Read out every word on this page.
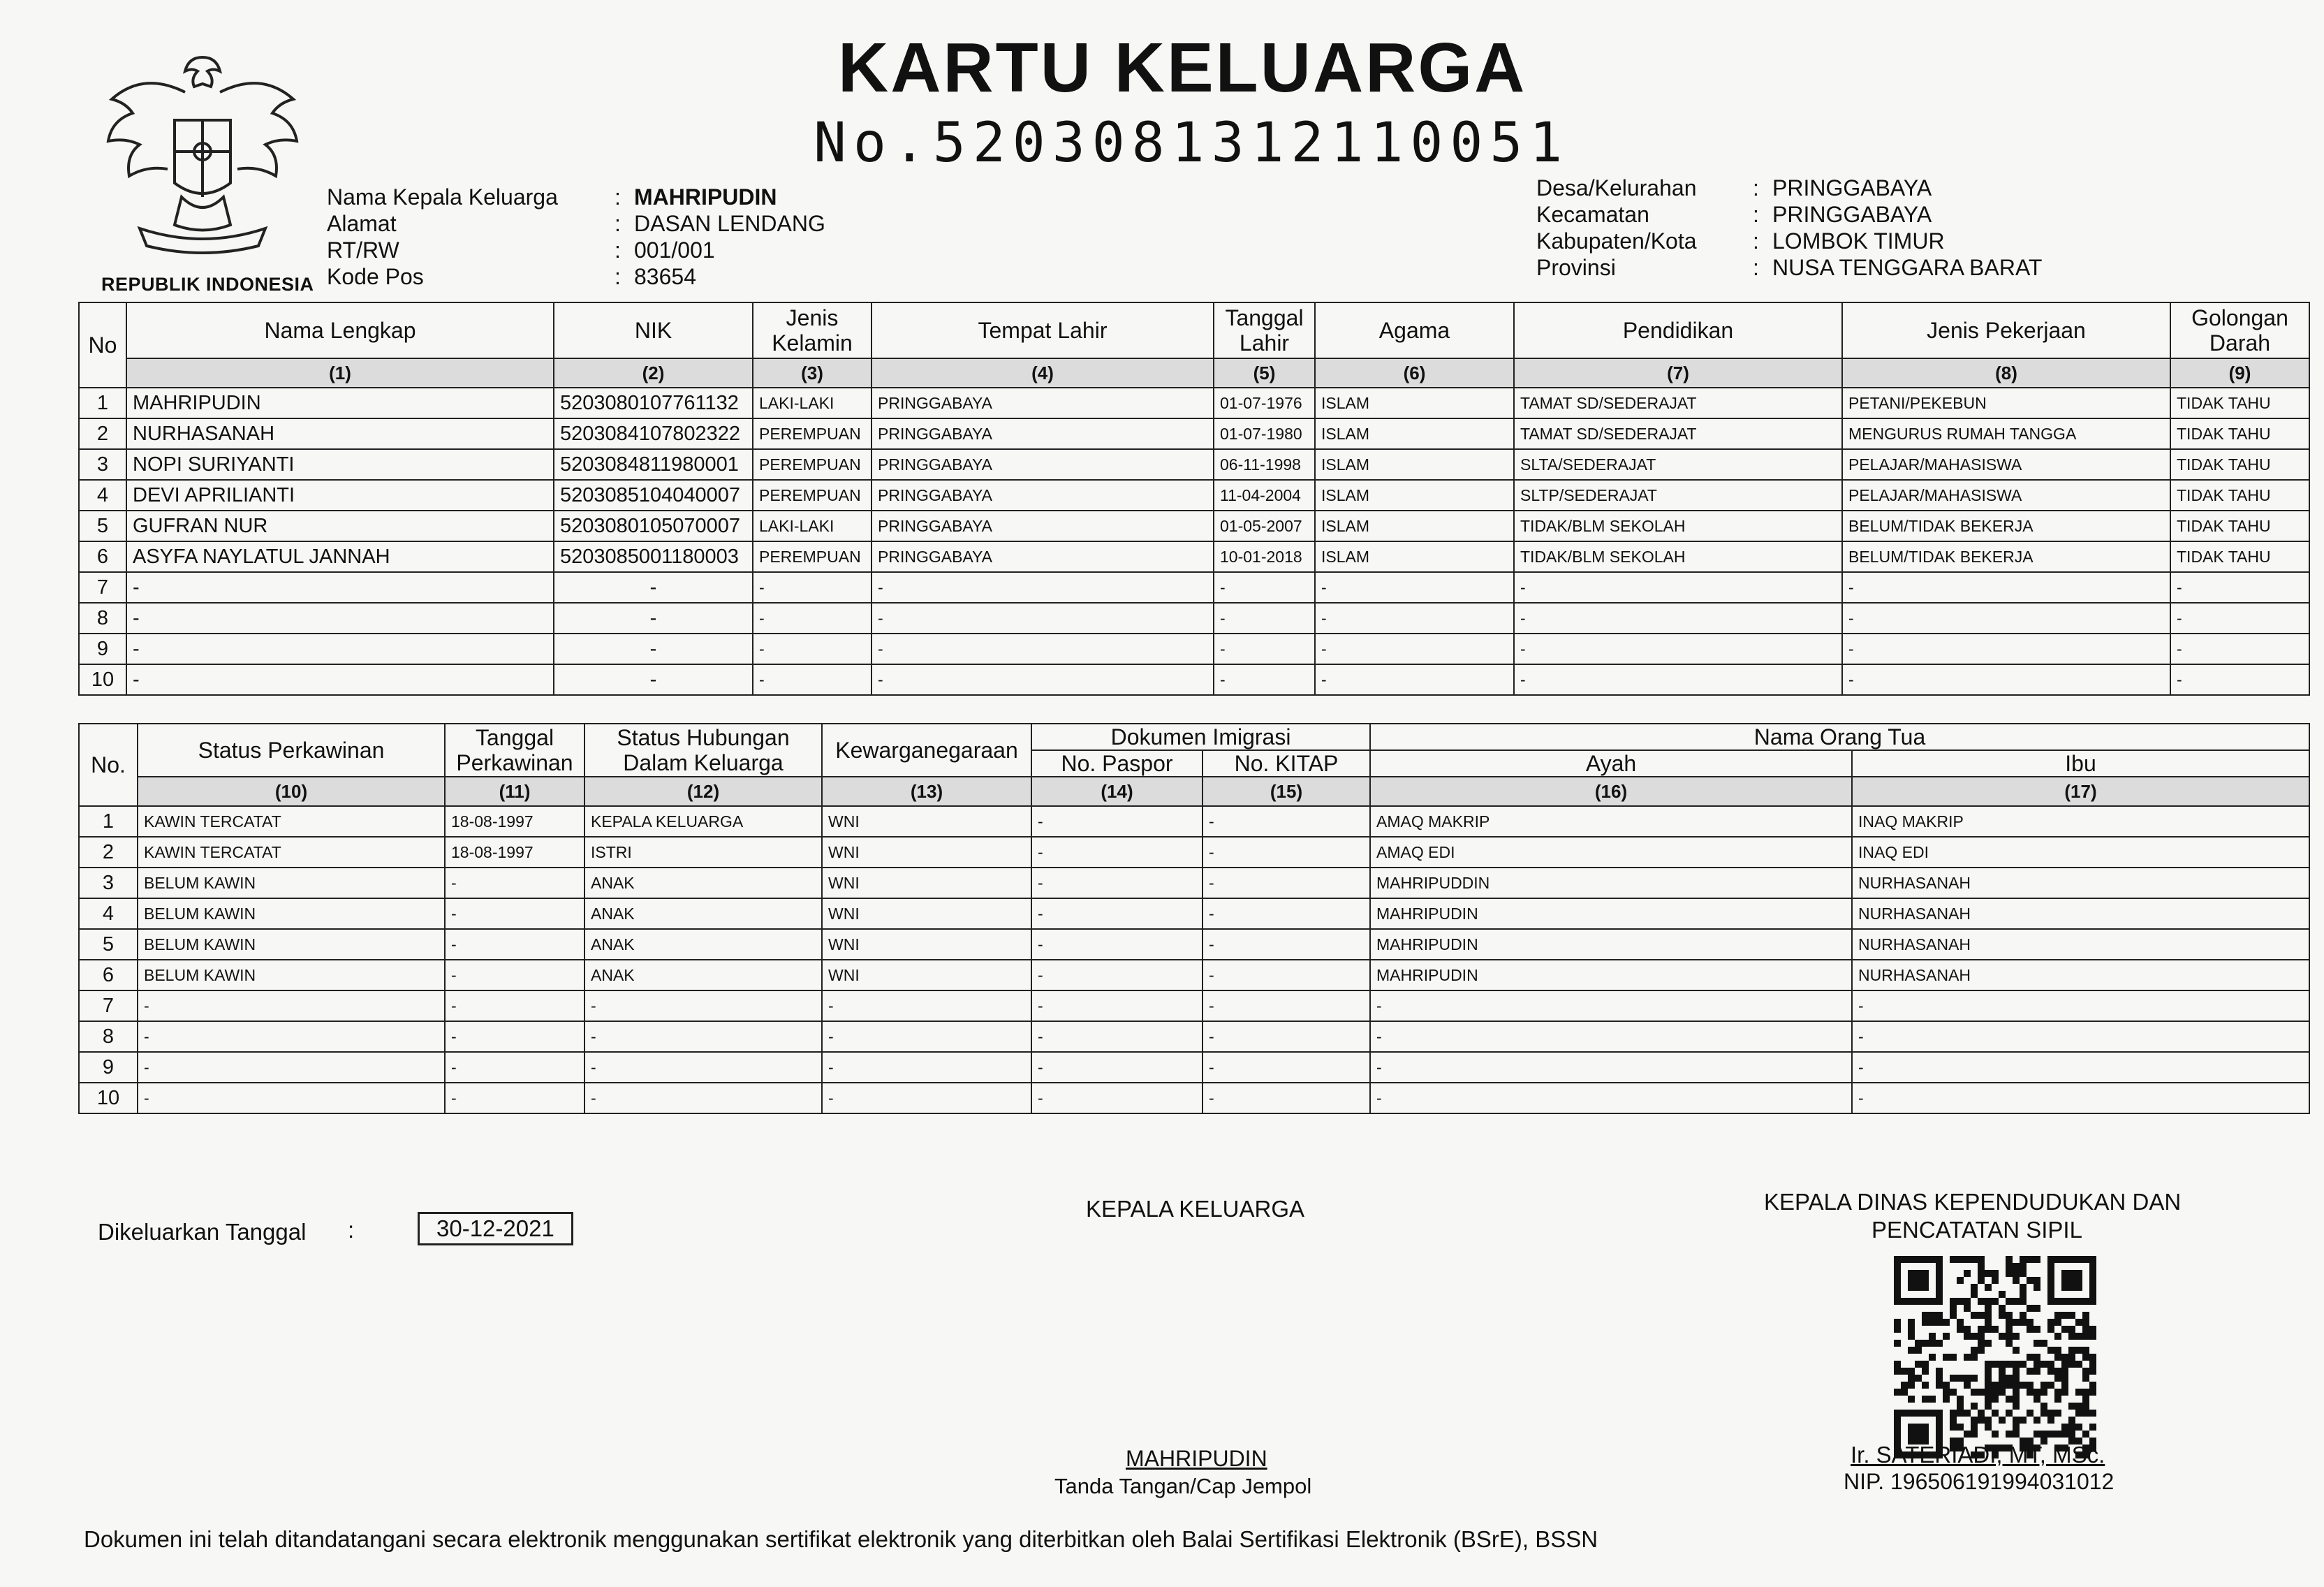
REPUBLIK INDONESIA
KARTU KELUARGA
No.5203081312110051
Nama Kepala Keluarga	: MAHRIPUDIN
Alamat	: DASAN LENDANG
RT/RW	: 001/001
Kode Pos	: 83654
Desa/Kelurahan	: PRINGGABAYA
Kecamatan	: PRINGGABAYA
Kabupaten/Kota	: LOMBOK TIMUR
Provinsi	: NUSA TENGGARA BARAT
No	Nama Lengkap	NIK	Jenis Kelamin	Tempat Lahir	Tanggal Lahir	Agama	Pendidikan	Jenis Pekerjaan	Golongan Darah
	(1)	(2)	(3)	(4)	(5)	(6)	(7)	(8)	(9)
1	MAHRIPUDIN	5203080107761132	LAKI-LAKI	PRINGGABAYA	01-07-1976	ISLAM	TAMAT SD/SEDERAJAT	PETANI/PEKEBUN	TIDAK TAHU
2	NURHASANAH	5203084107802322	PEREMPUAN	PRINGGABAYA	01-07-1980	ISLAM	TAMAT SD/SEDERAJAT	MENGURUS RUMAH TANGGA	TIDAK TAHU
3	NOPI SURIYANTI	5203084811980001	PEREMPUAN	PRINGGABAYA	06-11-1998	ISLAM	SLTA/SEDERAJAT	PELAJAR/MAHASISWA	TIDAK TAHU
4	DEVI APRILIANTI	5203085104040007	PEREMPUAN	PRINGGABAYA	11-04-2004	ISLAM	SLTP/SEDERAJAT	PELAJAR/MAHASISWA	TIDAK TAHU
5	GUFRAN NUR	5203080105070007	LAKI-LAKI	PRINGGABAYA	01-05-2007	ISLAM	TIDAK/BLM SEKOLAH	BELUM/TIDAK BEKERJA	TIDAK TAHU
6	ASYFA NAYLATUL JANNAH	5203085001180003	PEREMPUAN	PRINGGABAYA	10-01-2018	ISLAM	TIDAK/BLM SEKOLAH	BELUM/TIDAK BEKERJA	TIDAK TAHU
7	-	-	-	-	-	-	-	-	-
8	-	-	-	-	-	-	-	-	-
9	-	-	-	-	-	-	-	-	-
10	-	-	-	-	-	-	-	-	-
No.	Status Perkawinan	Tanggal Perkawinan	Status Hubungan Dalam Keluarga	Kewarganegaraan	Dokumen Imigrasi		Nama Orang Tua	
					No. Paspor	No. KITAP	Ayah	Ibu
	(10)	(11)	(12)	(13)	(14)	(15)	(16)	(17)
1	KAWIN TERCATAT	18-08-1997	KEPALA KELUARGA	WNI	-	-	AMAQ MAKRIP	INAQ MAKRIP
2	KAWIN TERCATAT	18-08-1997	ISTRI	WNI	-	-	AMAQ EDI	INAQ EDI
3	BELUM KAWIN	-	ANAK	WNI	-	-	MAHRIPUDDIN	NURHASANAH
4	BELUM KAWIN	-	ANAK	WNI	-	-	MAHRIPUDIN	NURHASANAH
5	BELUM KAWIN	-	ANAK	WNI	-	-	MAHRIPUDIN	NURHASANAH
6	BELUM KAWIN	-	ANAK	WNI	-	-	MAHRIPUDIN	NURHASANAH
7	-	-	-	-	-	-	-	-
8	-	-	-	-	-	-	-	-
9	-	-	-	-	-	-	-	-
10	-	-	-	-	-	-	-	-
Dikeluarkan Tanggal :	30-12-2021
KEPALA KELUARGA
MAHRIPUDIN
Tanda Tangan/Cap Jempol
KEPALA DINAS KEPENDUDUKAN DAN
PENCATATAN SIPIL
Ir. SATERIADI, MT, MSc.
NIP. 196506191994031012
Dokumen ini telah ditandatangani secara elektronik menggunakan sertifikat elektronik yang diterbitkan oleh Balai Sertifikasi Elektronik (BSrE), BSSN
